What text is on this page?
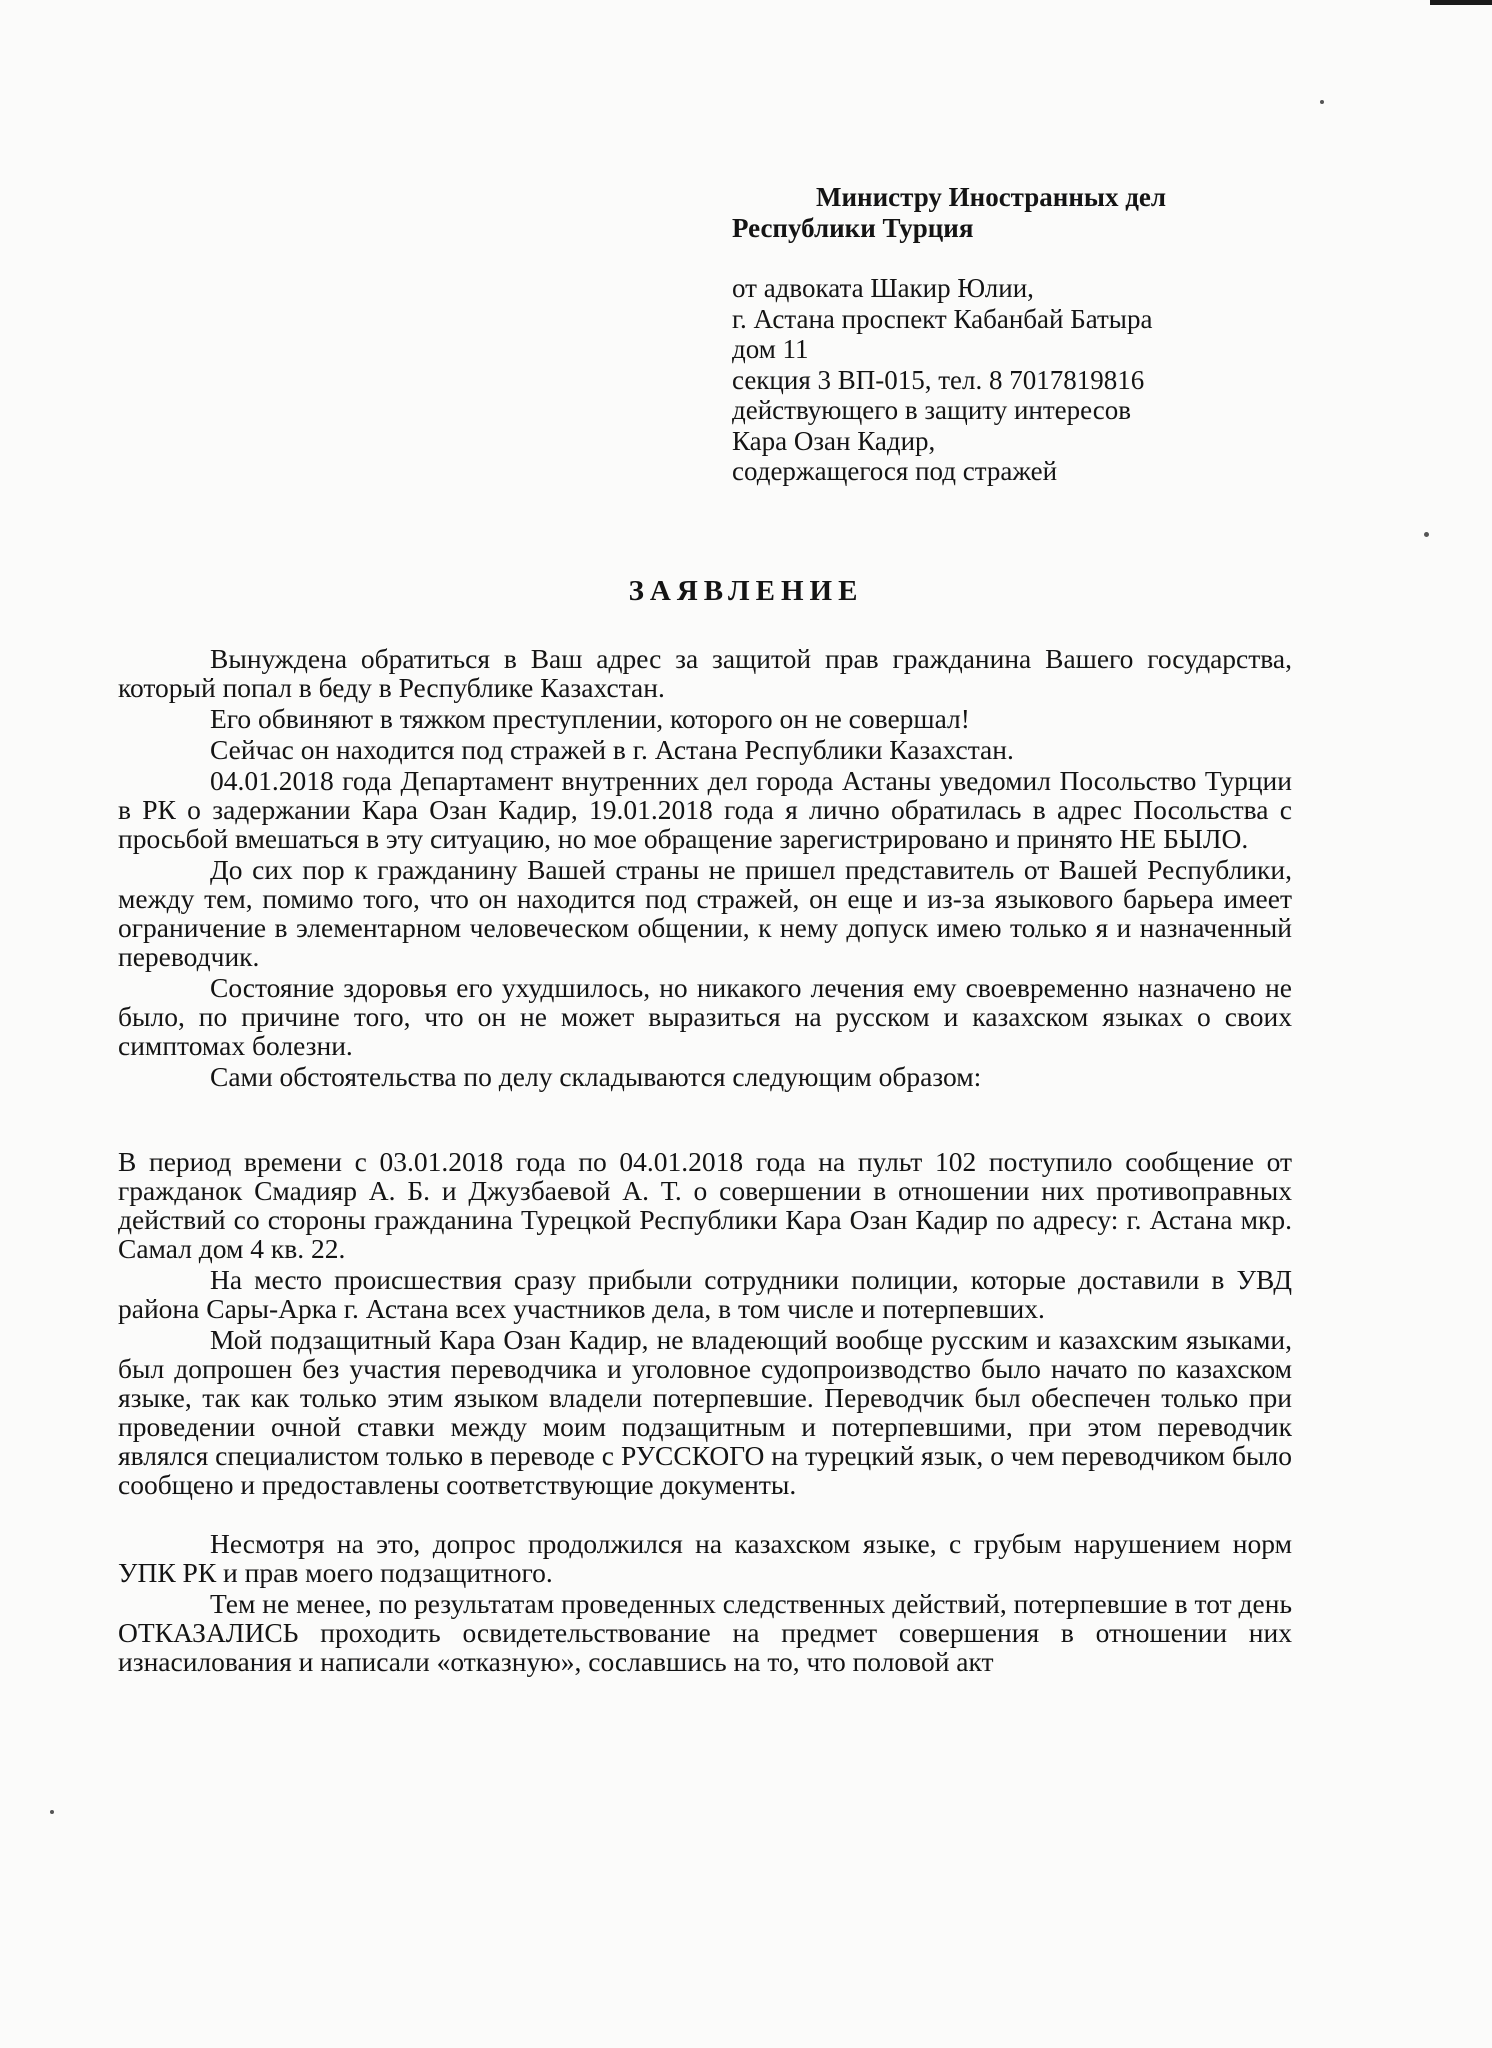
Министру Иностранных дел
Республики Турция
от адвоката Шакир Юлии,
г. Астана проспект Кабанбай Батыра
дом 11
секция 3 ВП-015, тел. 8 7017819816
действующего в защиту интересов
Кара Озан Кадир,
содержащегося под стражей
ЗАЯВЛЕНИЕ

Вынуждена обратиться в Ваш адрес за защитой прав гражданина Вашего государства, который попал в беду в Республике Казахстан.

Его обвиняют в тяжком преступлении, которого он не совершал!

Сейчас он находится под стражей в г. Астана Республики Казахстан.

04.01.2018 года Департамент внутренних дел города Астаны уведомил Посольство Турции в РК о задержании Кара Озан Кадир, 19.01.2018 года я лично обратилась в адрес Посольства с просьбой вмешаться в эту ситуацию, но мое обращение зарегистрировано и принято НЕ БЫЛО.

До сих пор к гражданину Вашей страны не пришел представитель от Вашей Республики, между тем, помимо того, что он находится под стражей, он еще и из-за языкового барьера имеет ограничение в элементарном человеческом общении, к нему допуск имею только я и назначенный переводчик.

Состояние здоровья его ухудшилось, но никакого лечения ему своевременно назначено не было, по причине того, что он не может выразиться на русском и казахском языках о своих симптомах болезни.

Сами обстоятельства по делу складываются следующим образом:

В период времени с 03.01.2018 года по 04.01.2018 года на пульт 102 поступило сообщение от гражданок Смадияр А. Б. и Джузбаевой А. Т. о совершении в отношении них противоправных действий со стороны гражданина Турецкой Республики Кара Озан Кадир по адресу: г. Астана мкр. Самал дом 4 кв. 22.

На место происшествия сразу прибыли сотрудники полиции, которые доставили в УВД района Сары-Арка г. Астана всех участников дела, в том числе и потерпевших.

Мой подзащитный Кара Озан Кадир, не владеющий вообще русским и казахским языками, был допрошен без участия переводчика и уголовное судопроизводство было начато по казахском языке, так как только этим языком владели потерпевшие. Переводчик был обеспечен только при проведении очной ставки между моим подзащитным и потерпевшими, при этом переводчик являлся специалистом только в переводе с РУССКОГО на турецкий язык, о чем переводчиком было сообщено и предоставлены соответствующие документы.

Несмотря на это, допрос продолжился на казахском языке, с грубым нарушением норм УПК РК и прав моего подзащитного.

Тем не менее, по результатам проведенных следственных действий, потерпевшие в тот день ОТКАЗАЛИСЬ проходить освидетельствование на предмет совершения в отношении них изнасилования и написали «отказную», сославшись на то, что половой акт
